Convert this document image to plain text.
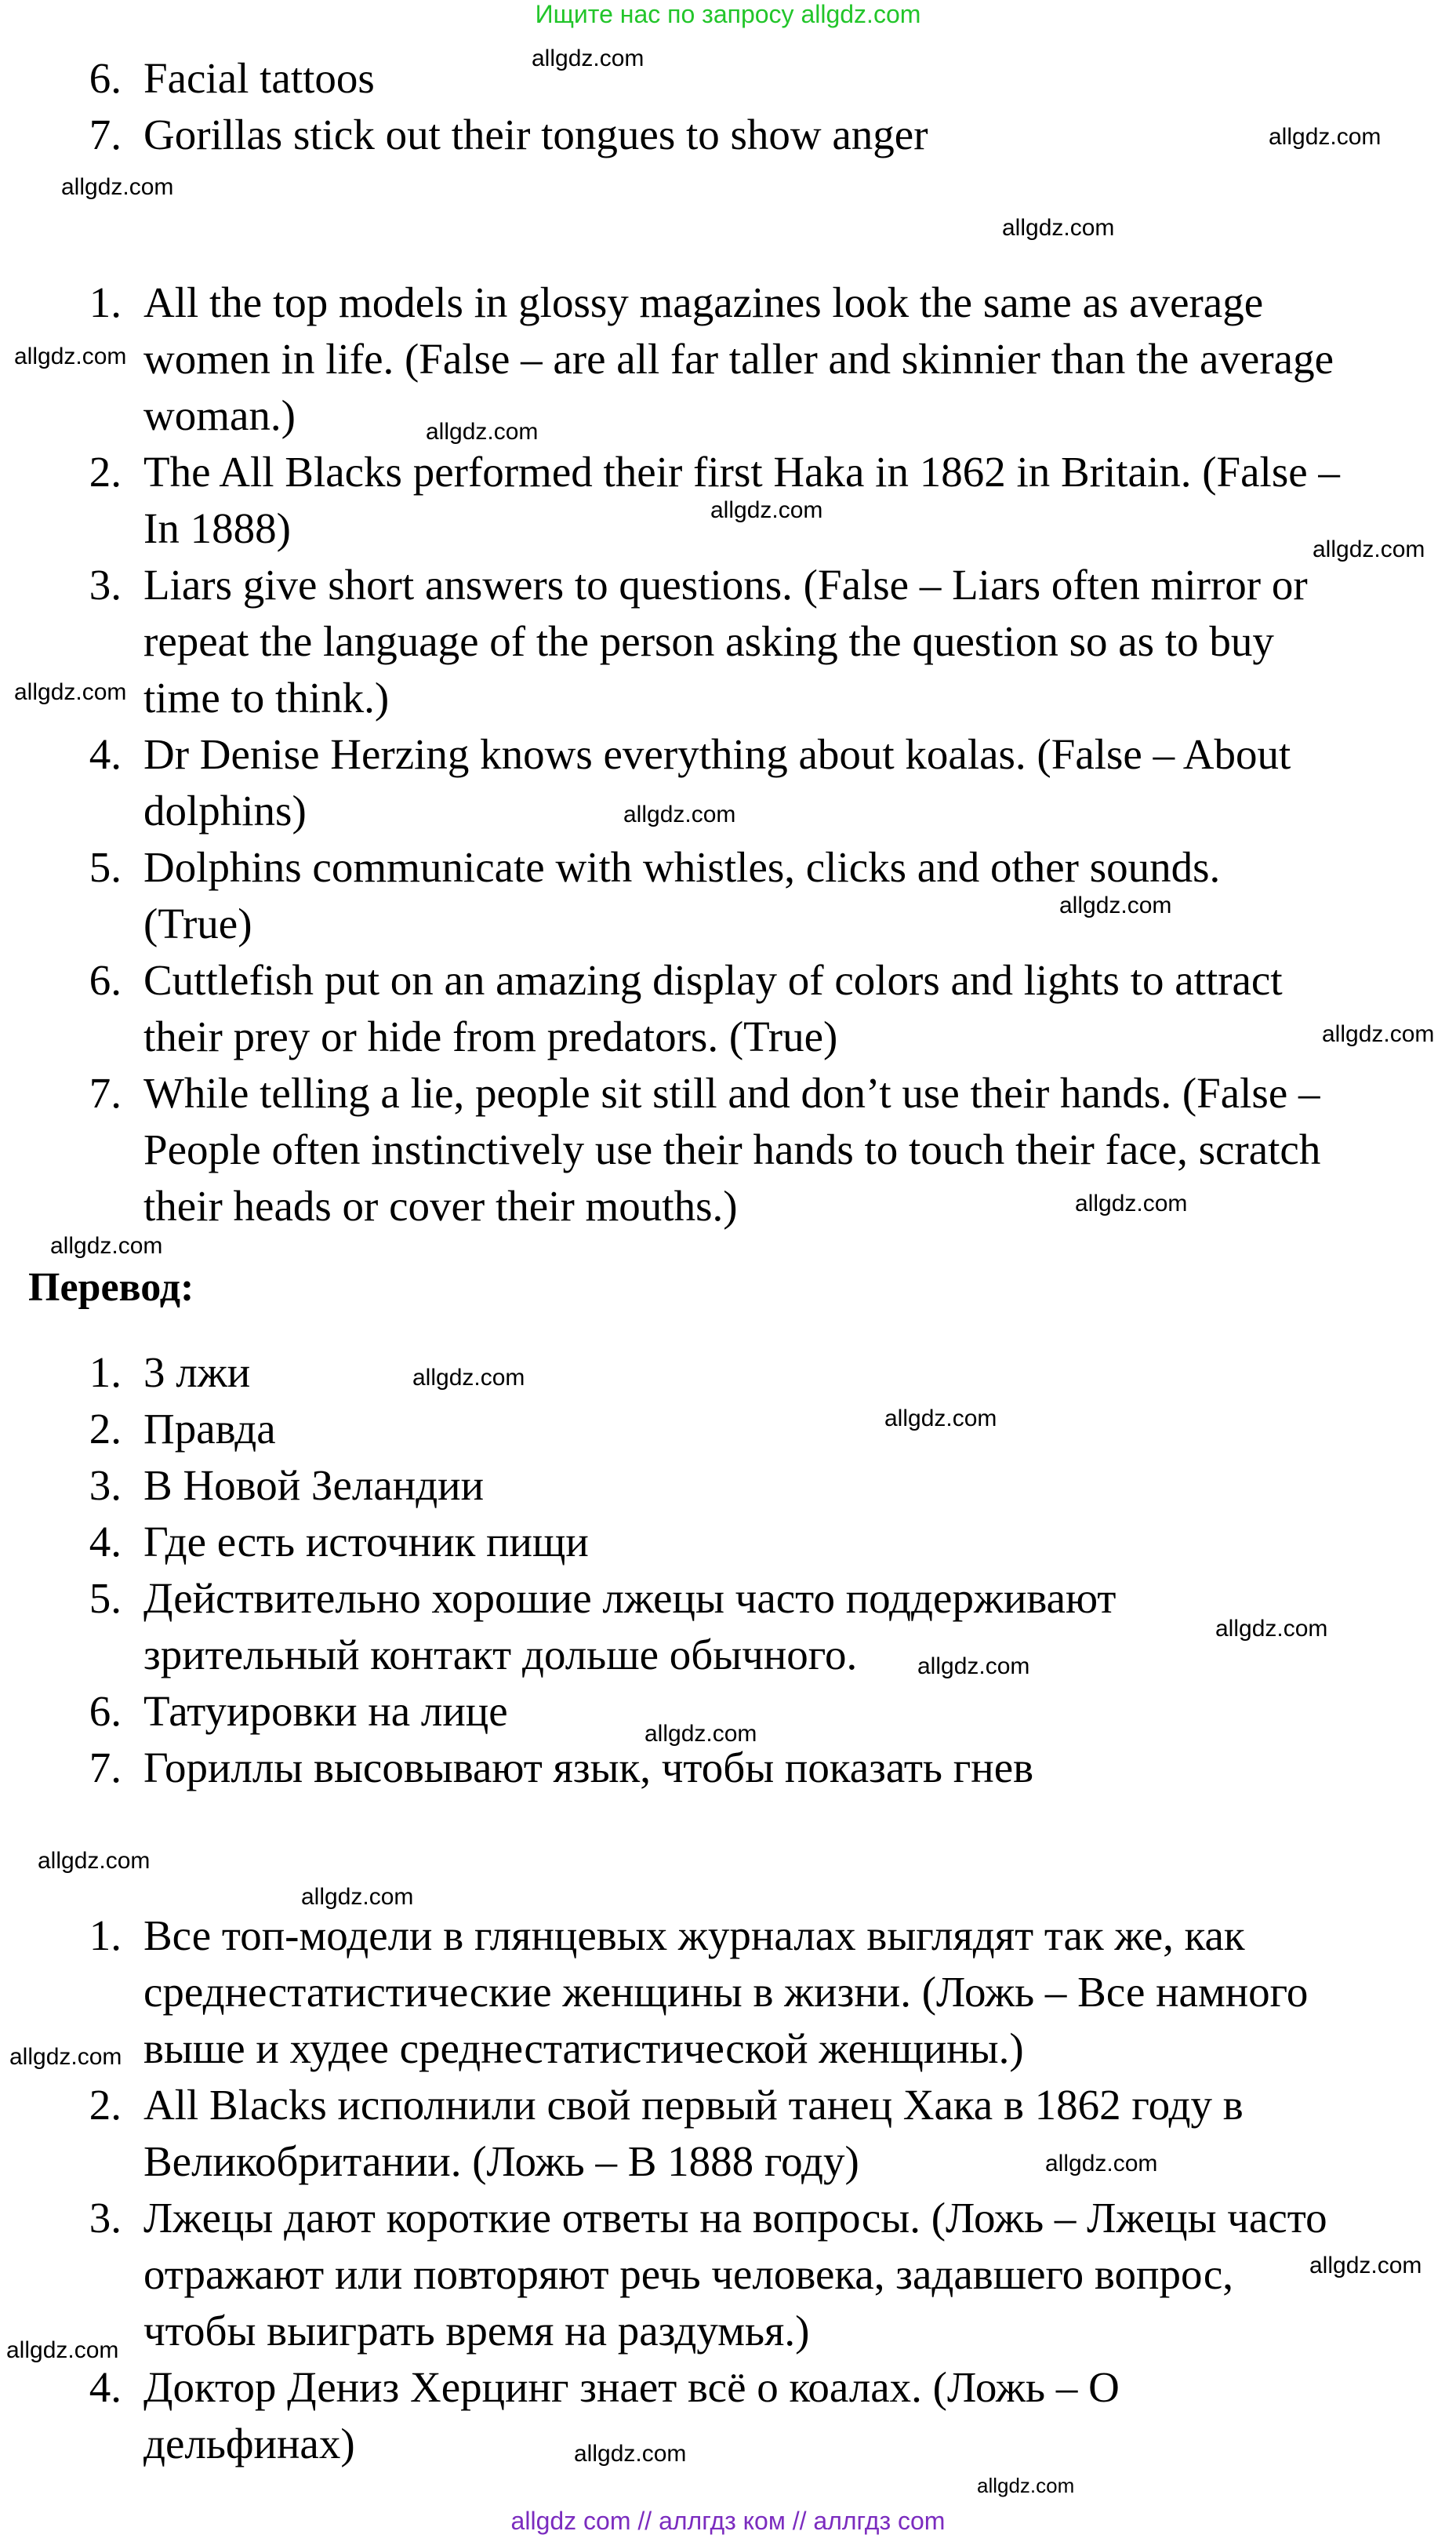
Ищите нас по запросу allgdz.com
6. Facial tattoos
7. Gorillas stick out their tongues to show anger
1. All the top models in glossy magazines look the same as average
women in life. (False – are all far taller and skinnier than the average
woman.)
2. The All Blacks performed their first Haka in 1862 in Britain. (False –
In 1888)
3. Liars give short answers to questions. (False – Liars often mirror or
repeat the language of the person asking the question so as to buy
time to think.)
4. Dr Denise Herzing knows everything about koalas. (False – About
dolphins)
5. Dolphins communicate with whistles, clicks and other sounds.
(True)
6. Cuttlefish put on an amazing display of colors and lights to attract
their prey or hide from predators. (True)
7. While telling a lie, people sit still and don’t use their hands. (False –
People often instinctively use their hands to touch their face, scratch
their heads or cover their mouths.)
Перевод:
1. 3 лжи
2. Правда
3. В Новой Зеландии
4. Где есть источник пищи
5. Действительно хорошие лжецы часто поддерживают
зрительный контакт дольше обычного.
6. Татуировки на лице
7. Гориллы высовывают язык, чтобы показать гнев
1. Все топ-модели в глянцевых журналах выглядят так же, как
среднестатистические женщины в жизни. (Ложь – Все намного
выше и худее среднестатистической женщины.)
2. All Blacks исполнили свой первый танец Хака в 1862 году в
Великобритании. (Ложь – В 1888 году)
3. Лжецы дают короткие ответы на вопросы. (Ложь – Лжецы часто
отражают или повторяют речь человека, задавшего вопрос,
чтобы выиграть время на раздумья.)
4. Доктор Дениз Херцинг знает всё о коалах. (Ложь – О
дельфинах)
allgdz.com
allgdz.com
allgdz.com
allgdz.com
allgdz.com
allgdz.com
allgdz.com
allgdz.com
allgdz.com
allgdz.com
allgdz.com
allgdz.com
allgdz.com
allgdz.com
allgdz.com
allgdz.com
allgdz.com
allgdz.com
allgdz.com
allgdz.com
allgdz.com
allgdz.com
allgdz.com
allgdz.com
allgdz.com
allgdz.com
allgdz.com
allgdz com // аллгдз ком // аллгдз com
